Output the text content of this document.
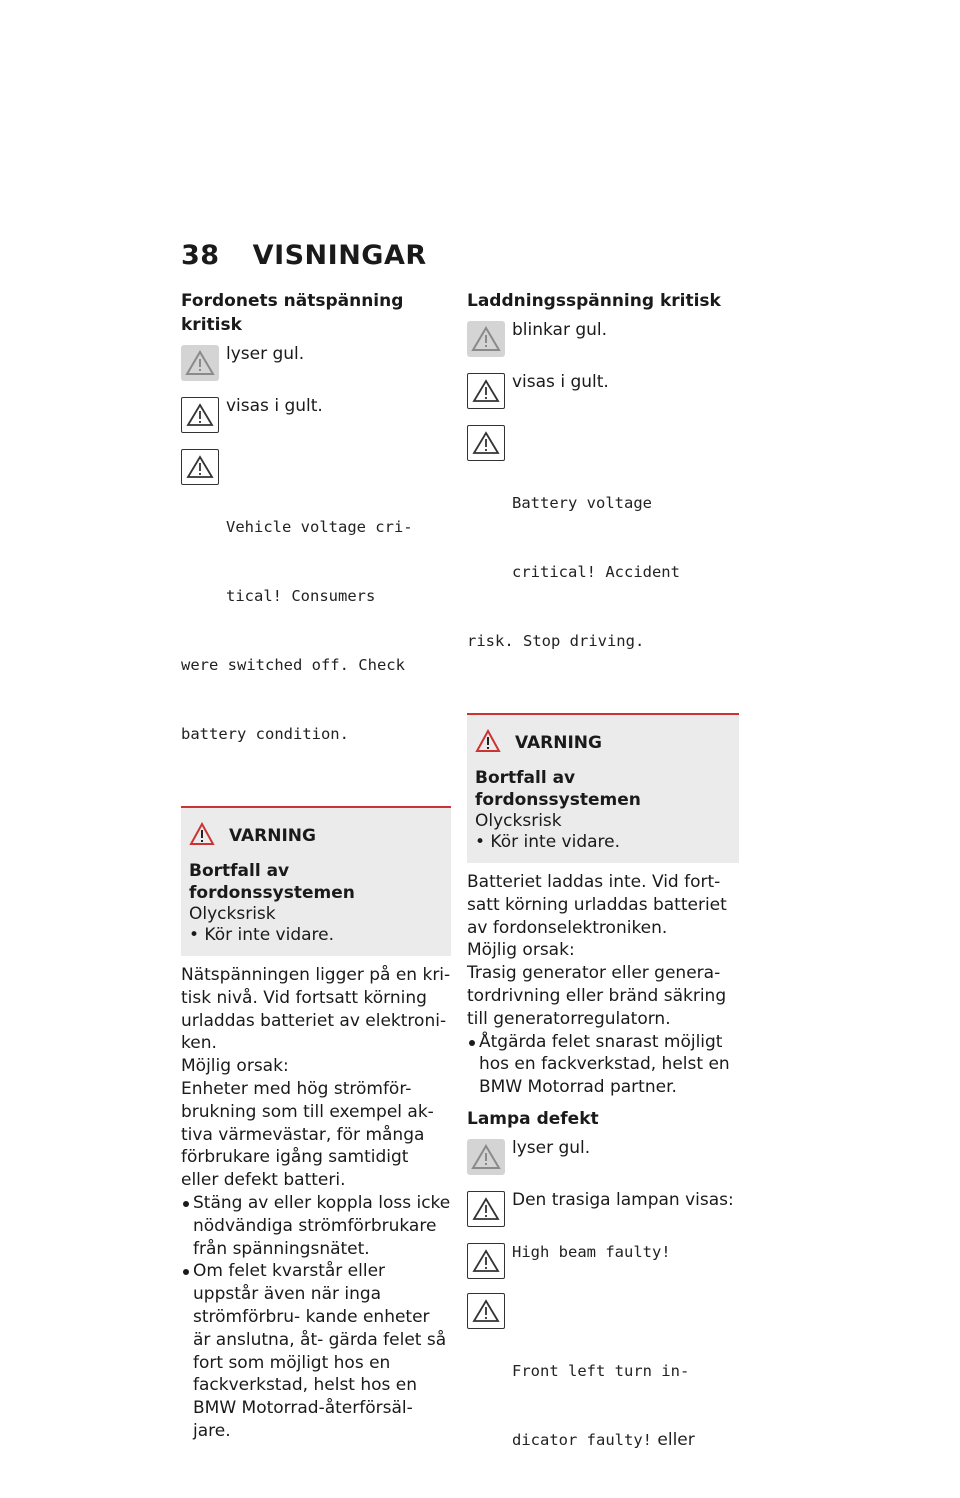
38 VISNINGAR

Fordonets nätspänning kritisk

lyser gul.
visas i gult.

Vehicle voltage cri-

tical! Consumers

were switched off. Check

battery condition.

VARNING
Bortfall av fordonssystemen
Olycksrisk
• Kör inte vidare.

Nätspänningen ligger på en kri- tisk nivå. Vid fortsatt körning urladdas batteriet av elektroni- ken.

Möjlig orsak:

Enheter med hög strömför- brukning som till exempel ak- tiva värmevästar, för många förbrukare igång samtidigt eller defekt batteri.

Stäng av eller koppla loss icke nödvändiga strömförbrukare från spänningsnätet.
Om felet kvarstår eller uppstår även när inga strömförbru- kande enheter är anslutna, åt- gärda felet så fort som möjligt hos en fackverkstad, helst hos en BMW Motorrad-återförsäl- jare.

Laddningsspänning kritisk

blinkar gul.
visas i gult.

Battery voltage

critical! Accident

risk. Stop driving.

VARNING
Bortfall av fordonssystemen
Olycksrisk
• Kör inte vidare.

Batteriet laddas inte. Vid fort- satt körning urladdas batteriet av fordonselektroniken.

Möjlig orsak:

Trasig generator eller genera- tordrivning eller bränd säkring till generatorregulatorn.

Åtgärda felet snarast möjligt hos en fackverkstad, helst en BMW Motorrad partner.

Lampa defekt

lyser gul.
Den trasiga lampan visas:
High beam faulty!

Front left turn in-

dicator faulty! eller
